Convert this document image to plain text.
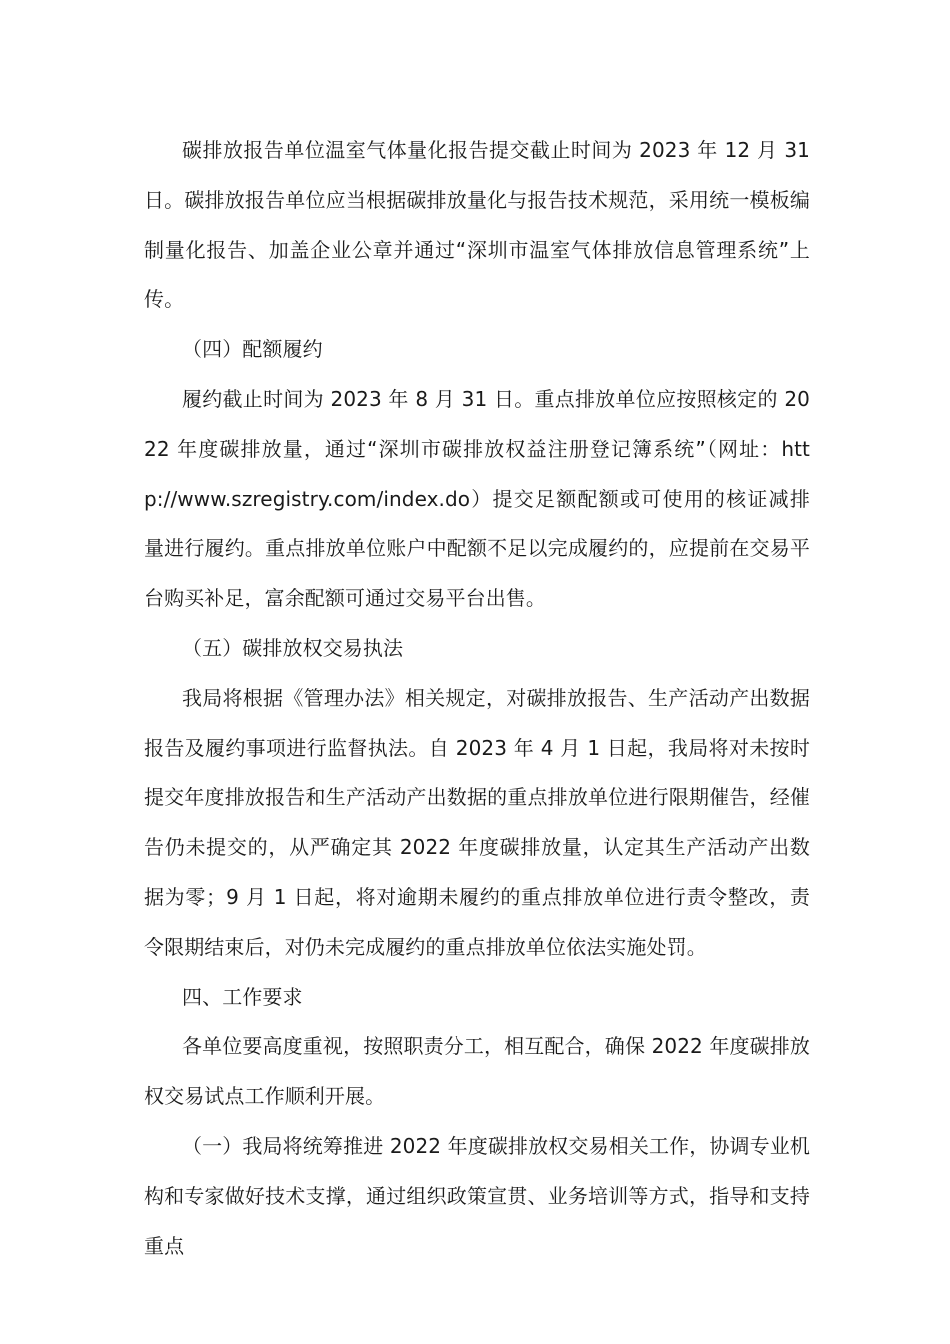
碳排放报告单位温室气体量化报告提交截止时间为 2023 年 12 月 31 日。碳排放报告单位应当根据碳排放量化与报告技术规范，采用统一模板编制量化报告、加盖企业公章并通过“深圳市温室气体排放信息管理系统”上传。

（四）配额履约

履约截止时间为 2023 年 8 月 31 日。重点排放单位应按照核定的 2022 年度碳排放量，通过“深圳市碳排放权益注册登记簿系统”（网址：http://www.szregistry.com/index.do）提交足额配额或可使用的核证减排量进行履约。重点排放单位账户中配额不足以完成履约的，应提前在交易平台购买补足，富余配额可通过交易平台出售。

（五）碳排放权交易执法

我局将根据《管理办法》相关规定，对碳排放报告、生产活动产出数据报告及履约事项进行监督执法。自 2023 年 4 月 1 日起，我局将对未按时提交年度排放报告和生产活动产出数据的重点排放单位进行限期催告，经催告仍未提交的，从严确定其 2022 年度碳排放量，认定其生产活动产出数据为零；9 月 1 日起，将对逾期未履约的重点排放单位进行责令整改，责令限期结束后，对仍未完成履约的重点排放单位依法实施处罚。

四、工作要求

各单位要高度重视，按照职责分工，相互配合，确保 2022 年度碳排放权交易试点工作顺利开展。

（一）我局将统筹推进 2022 年度碳排放权交易相关工作，协调专业机构和专家做好技术支撑，通过组织政策宣贯、业务培训等方式，指导和支持重点
